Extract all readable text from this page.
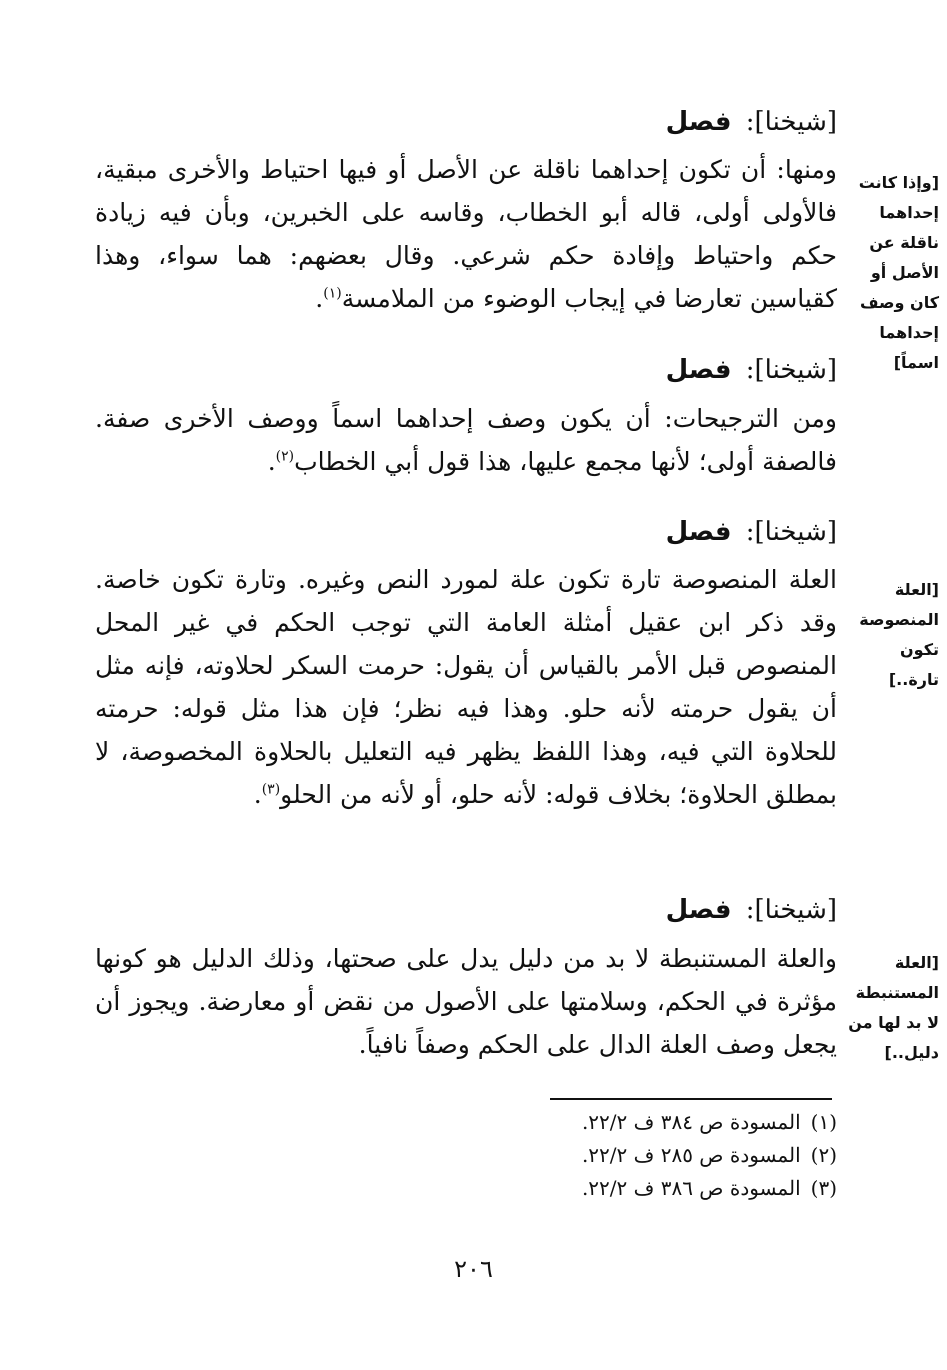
[شيخنا]: فصل
[وإذا كانت إحداهما ناقلة عن الأصل أو كان وصف إحداهما اسماً]
ومنها: أن تكون إحداهما ناقلة عن الأصل أو فيها احتياط والأخرى مبقية، فالأولى أولى، قاله أبو الخطاب، وقاسه على الخبرين، وبأن فيه زيادة حكم واحتياط وإفادة حكم شرعي. وقال بعضهم: هما سواء، وهذا كقياسين تعارضا في إيجاب الوضوء من الملامسة$^{(١)}$.
[شيخنا]: فصل
ومن الترجيحات: أن يكون وصف إحداهما اسماً ووصف الأخرى صفة. فالصفة أولى؛ لأنها مجمع عليها، هذا قول أبي الخطاب$^{(٢)}$.
[شيخنا]: فصل
[العلة المنصوصة تكون تارة..]
العلة المنصوصة تارة تكون علة لمورد النص وغيره. وتارة تكون خاصة. وقد ذكر ابن عقيل أمثلة العامة التي توجب الحكم في غير المحل المنصوص قبل الأمر بالقياس أن يقول: حرمت السكر لحلاوته، فإنه مثل أن يقول حرمته لأنه حلو. وهذا فيه نظر؛ فإن هذا مثل قوله: حرمته للحلاوة التي فيه، وهذا اللفظ يظهر فيه التعليل بالحلاوة المخصوصة، لا بمطلق الحلاوة؛ بخلاف قوله: لأنه حلو، أو لأنه من الحلو$^{(٣)}$.
[شيخنا]: فصل
[العلة المستنبطة لا بد لها من دليل..]
والعلة المستنبطة لا بد من دليل يدل على صحتها، وذلك الدليل هو كونها مؤثرة في الحكم، وسلامتها على الأصول من نقض أو معارضة. ويجوز أن يجعل وصف العلة الدال على الحكم وصفاً نافياً.
(١)المسودة ص ٣٨٤ ف ٢٢/٢.
(٢)المسودة ص ٢٨٥ ف ٢٢/٢.
(٣)المسودة ص ٣٨٦ ف ٢٢/٢.
٢٠٦
